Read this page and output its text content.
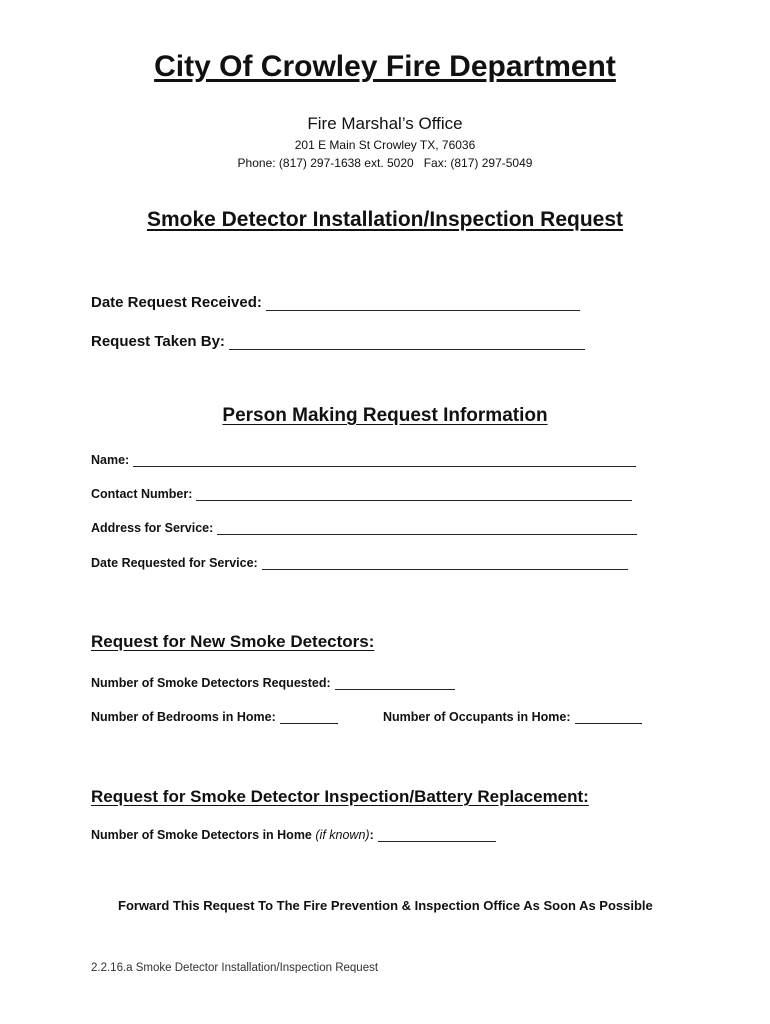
City Of Crowley Fire Department
Fire Marshal’s Office
201 E Main St Crowley TX, 76036
Phone: (817) 297-1638 ext. 5020 Fax: (817) 297-5049
Smoke Detector Installation/Inspection Request
Date Request Received:
Request Taken By:
Person Making Request Information
Name:
Contact Number:
Address for Service:
Date Requested for Service:
Request for New Smoke Detectors:
Number of Smoke Detectors Requested:
Number of Bedrooms in Home:	Number of Occupants in Home:
Request for Smoke Detector Inspection/Battery Replacement:
Number of Smoke Detectors in Home
(if known) :
Forward This Request To The Fire Prevention & Inspection Office As Soon As Possible
2.2.16.a Smoke Detector Installation/Inspection Request
